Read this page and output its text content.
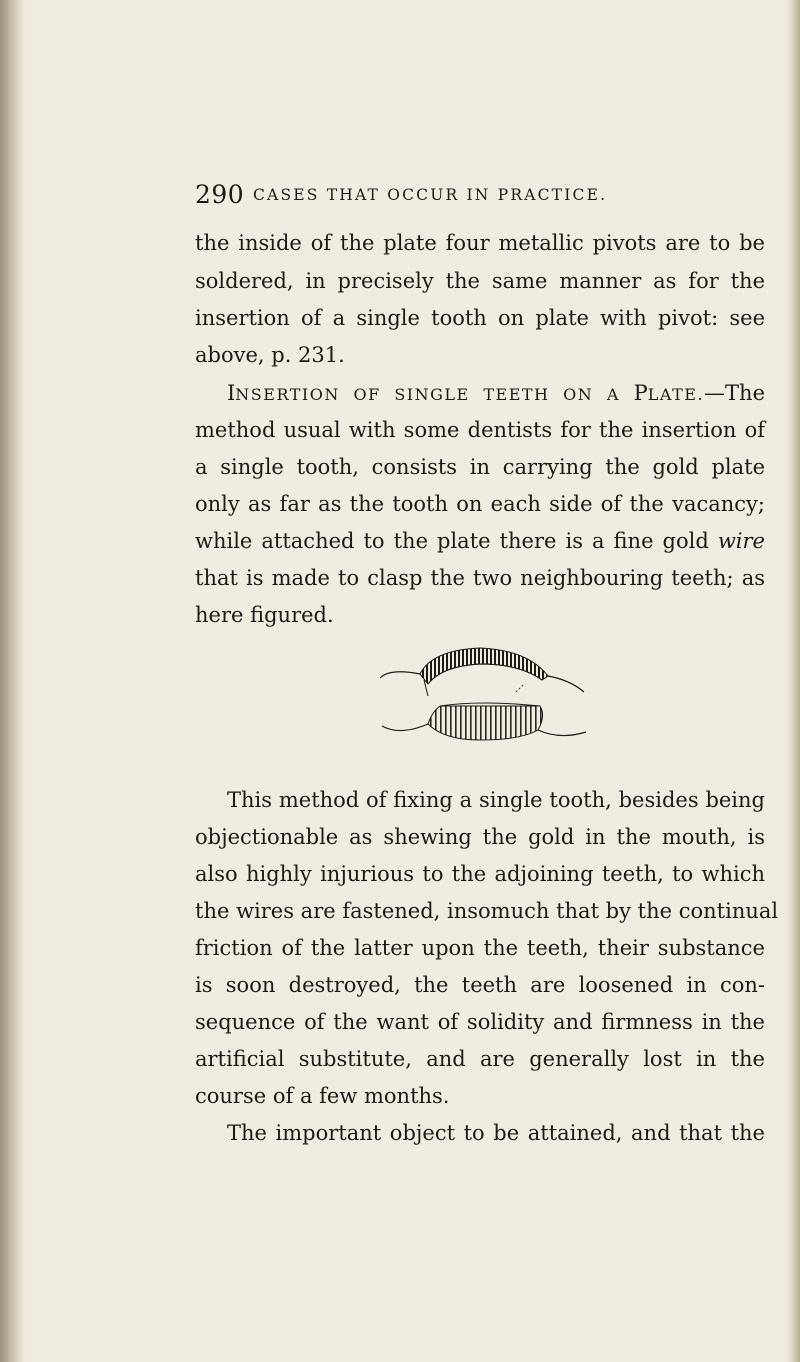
290 CASES THAT OCCUR IN PRACTICE.
the inside of the plate four metallic pivots are to be
soldered, in precisely the same manner as for the
insertion of a single tooth on plate with pivot: see
above, p. 231.
INSERTION OF SINGLE TEETH ON A PLATE.—The
method usual with some dentists for the insertion of
a single tooth, consists in carrying the gold plate
only as far as the tooth on each side of the vacancy;
while attached to the plate there is a fine gold wire
that is made to clasp the two neighbouring teeth; as
here figured.
This method of fixing a single tooth, besides being
objectionable as shewing the gold in the mouth, is
also highly injurious to the adjoining teeth, to which
the wires are fastened, insomuch that by the continual
friction of the latter upon the teeth, their substance
is soon destroyed, the teeth are loosened in con-
sequence of the want of solidity and firmness in the
artificial substitute, and are generally lost in the
course of a few months.
The important object to be attained, and that the
